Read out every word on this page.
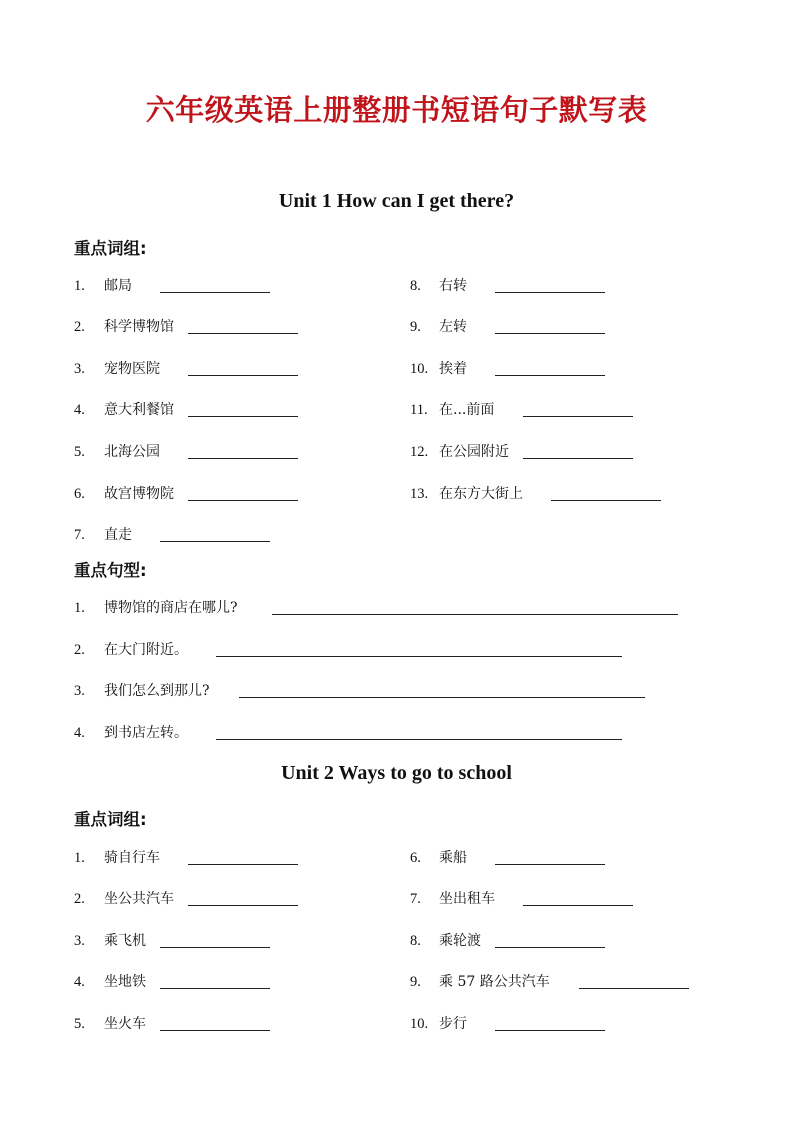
六年级英语上册整册书短语句子默写表
Unit 1 How can I get there?
重点词组:
1. 邮局
2. 科学博物馆
3. 宠物医院
4. 意大利餐馆
5. 北海公园
6. 故宫博物院
7. 直走
8. 右转
9. 左转
10. 挨着
11. 在...前面
12. 在公园附近
13. 在东方大街上
重点句型:
1. 博物馆的商店在哪儿?
2. 在大门附近。
3. 我们怎么到那儿?
4. 到书店左转。
Unit 2 Ways to go to school
重点词组:
1. 骑自行车
2. 坐公共汽车
3. 乘飞机
4. 坐地铁
5. 坐火车
6. 乘船
7. 坐出租车
8. 乘轮渡
9. 乘 57 路公共汽车
10. 步行
